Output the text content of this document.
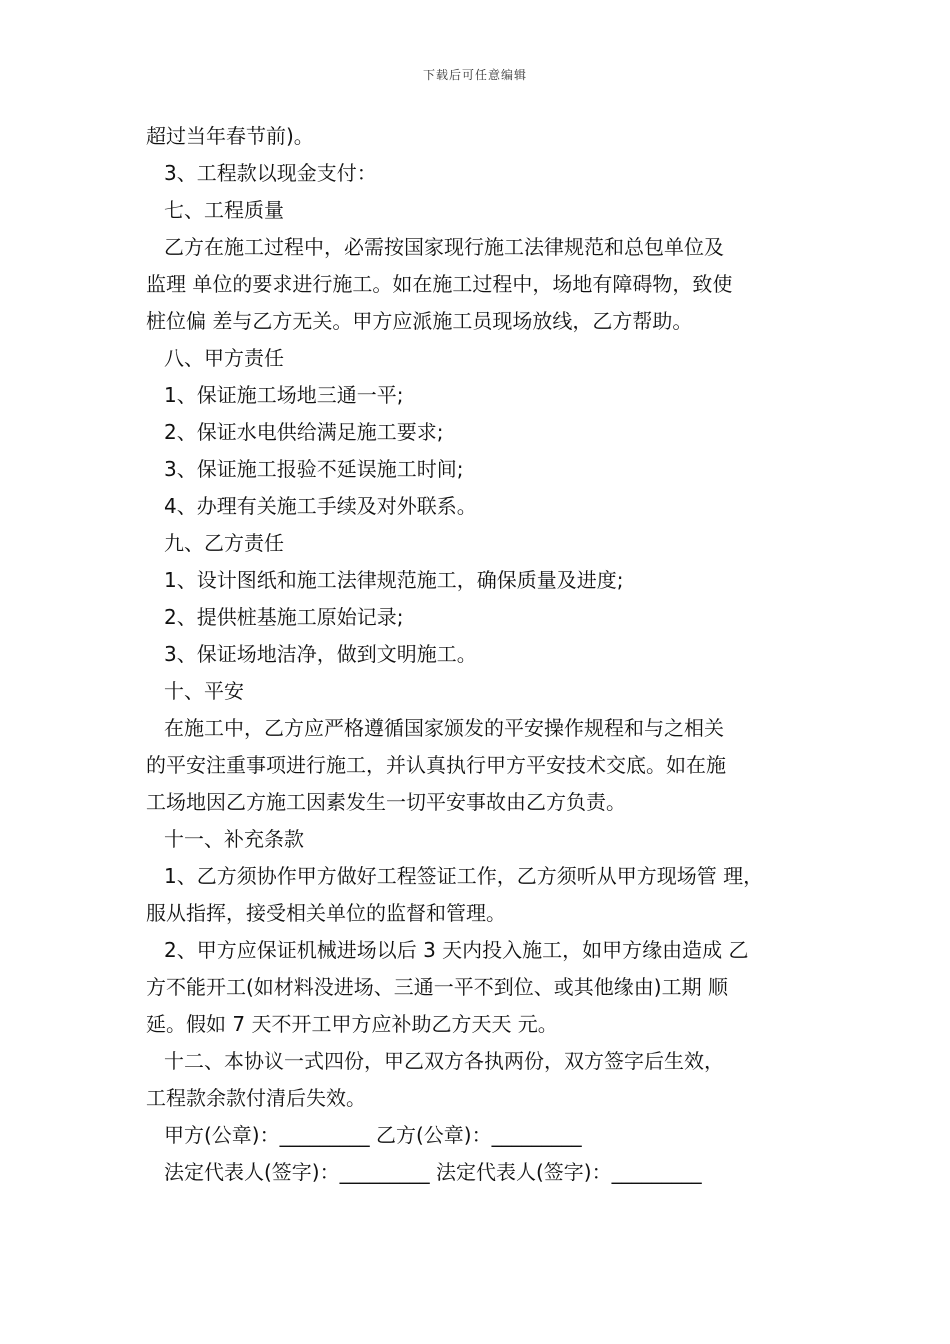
下载后可任意编辑
超过当年春节前)。
3、工程款以现金支付：
七、工程质量
乙方在施工过程中，必需按国家现行施工法律规范和总包单位及
监理 单位的要求进行施工。如在施工过程中，场地有障碍物，致使
桩位偏 差与乙方无关。甲方应派施工员现场放线，乙方帮助。
八、甲方责任
1、保证施工场地三通一平;
2、保证水电供给满足施工要求;
3、保证施工报验不延误施工时间;
4、办理有关施工手续及对外联系。
九、乙方责任
1、设计图纸和施工法律规范施工，确保质量及进度;
2、提供桩基施工原始记录;
3、保证场地洁净，做到文明施工。
十、平安
在施工中，乙方应严格遵循国家颁发的平安操作规程和与之相关
的平安注重事项进行施工，并认真执行甲方平安技术交底。如在施
工场地因乙方施工因素发生一切平安事故由乙方负责。
十一、补充条款
1、乙方须协作甲方做好工程签证工作，乙方须听从甲方现场管 理，
服从指挥，接受相关单位的监督和管理。
2、甲方应保证机械进场以后 3 天内投入施工，如甲方缘由造成 乙
方不能开工(如材料没进场、三通一平不到位、或其他缘由)工期 顺
延。假如 7 天不开工甲方应补助乙方天天 元。
十二、本协议一式四份，甲乙双方各执两份，双方签字后生效，
工程款余款付清后失效。
甲方(公章)：_________ 乙方(公章)：_________
法定代表人(签字)：_________ 法定代表人(签字)：_________
